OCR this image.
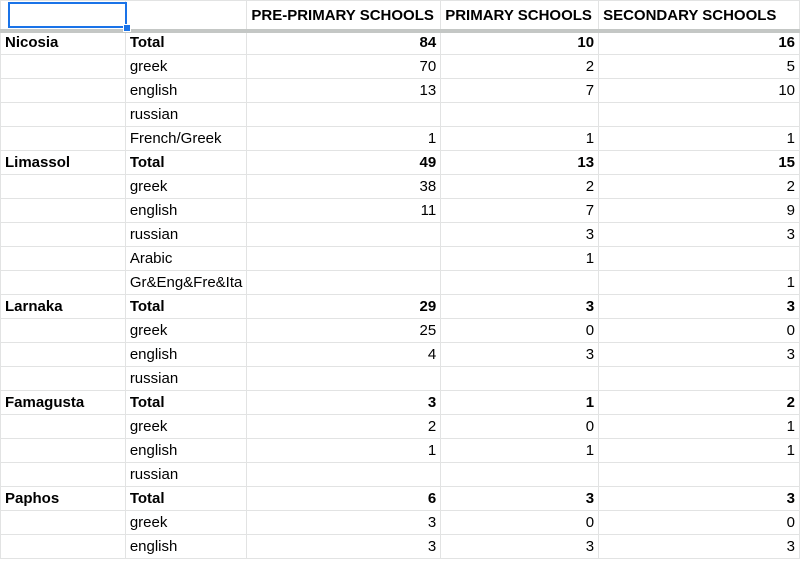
		PRE-PRIMARY SCHOOLS	PRIMARY SCHOOLS	SECONDARY SCHOOLS
Nicosia	Total	84	10	16
	greek	70	2	5
	english	13	7	10
	russian			
	French/Greek	1	1	1
Limassol	Total	49	13	15
	greek	38	2	2
	english	11	7	9
	russian		3	3
	Arabic		1	
	Gr&Eng&Fre&Ita			1
Larnaka	Total	29	3	3
	greek	25	0	0
	english	4	3	3
	russian			
Famagusta	Total	3	1	2
	greek	2	0	1
	english	1	1	1
	russian			
Paphos	Total	6	3	3
	greek	3	0	0
	english	3	3	3
